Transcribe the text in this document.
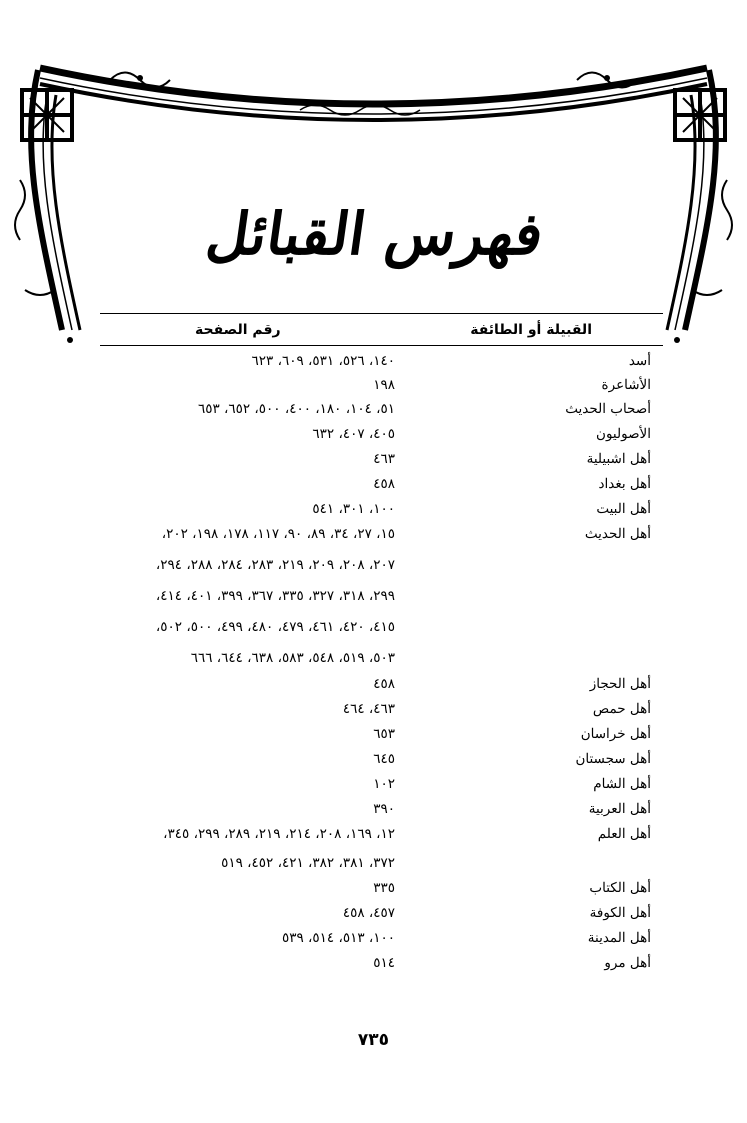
فهرس القبائل
القبيلة أو الطائفة
رقم الصفحة
أسد
١٤٠، ٥٢٦، ٥٣١، ٦٠٩، ٦٢٣
الأشاعرة
١٩٨
أصحاب الحديث
٥١، ١٠٤، ١٨٠، ٤٠٠، ٥٠٠، ٦٥٢، ٦٥٣
الأصوليون
٤٠٥، ٤٠٧، ٦٣٢
أهل اشبيلية
٤٦٣
أهل بغداد
٤٥٨
أهل البيت
١٠٠، ٣٠١، ٥٤١
أهل الحديث
١٥، ٢٧، ٣٤، ٨٩، ٩٠، ١١٧، ١٧٨، ١٩٨، ٢٠٢،
٢٠٧، ٢٠٨، ٢٠٩، ٢١٩، ٢٨٣، ٢٨٤، ٢٨٨، ٢٩٤،
٢٩٩، ٣١٨، ٣٢٧، ٣٣٥، ٣٦٧، ٣٩٩، ٤٠١، ٤١٤،
٤١٥، ٤٢٠، ٤٦١، ٤٧٩، ٤٨٠، ٤٩٩، ٥٠٠، ٥٠٢،
٥٠٣، ٥١٩، ٥٤٨، ٥٨٣، ٦٣٨، ٦٤٤، ٦٦٦
أهل الحجاز
٤٥٨
أهل حمص
٤٦٣، ٤٦٤
أهل خراسان
٦٥٣
أهل سجستان
٦٤٥
أهل الشام
١٠٢
أهل العربية
٣٩٠
أهل العلم
١٢، ١٦٩، ٢٠٨، ٢١٤، ٢١٩، ٢٨٩، ٢٩٩، ٣٤٥،
٣٧٢، ٣٨١، ٣٨٢، ٤٢١، ٤٥٢، ٥١٩
أهل الكتاب
٣٣٥
أهل الكوفة
٤٥٧، ٤٥٨
أهل المدينة
١٠٠، ٥١٣، ٥١٤، ٥٣٩
أهل مرو
٥١٤
٧٣٥
